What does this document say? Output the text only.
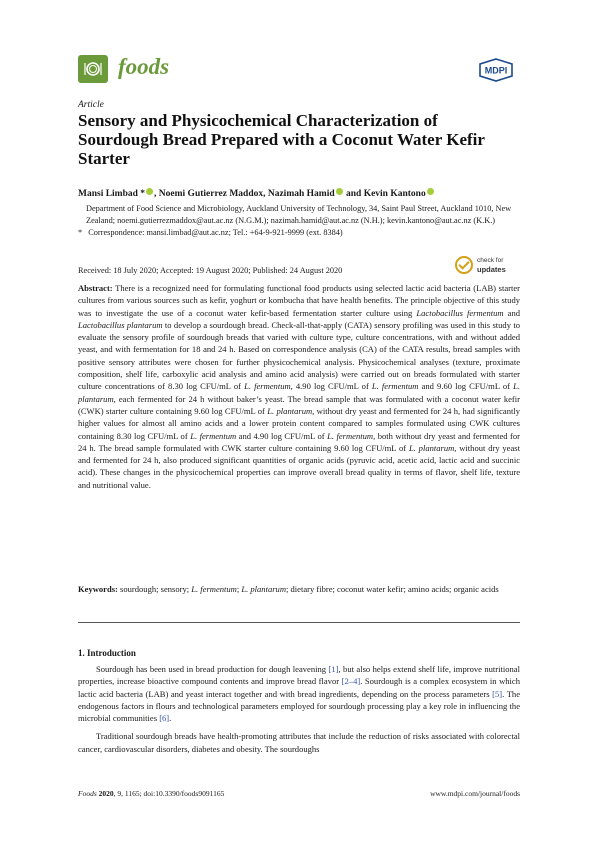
foods	MDPI
Article
Sensory and Physicochemical Characterization of Sourdough Bread Prepared with a Coconut Water Kefir Starter
Mansi Limbad * , Noemi Gutierrez Maddox, Nazimah Hamid and Kevin Kantono
Department of Food Science and Microbiology, Auckland University of Technology, 34, Saint Paul Street, Auckland 1010, New Zealand; noemi.gutierrezmaddox@aut.ac.nz (N.G.M.); nazimah.hamid@aut.ac.nz (N.H.); kevin.kantono@aut.ac.nz (K.K.)
* Correspondence: mansi.limbad@aut.ac.nz; Tel.: +64-9-921-9999 (ext. 8384)
Received: 18 July 2020; Accepted: 19 August 2020; Published: 24 August 2020
check for
updates
Abstract: There is a recognized need for formulating functional food products using selected lactic acid bacteria (LAB) starter cultures from various sources such as kefir, yoghurt or kombucha that have health benefits. The principle objective of this study was to investigate the use of a coconut water kefir-based fermentation starter culture using Lactobacillus fermentum and Lactobacillus plantarum to develop a sourdough bread. Check-all-that-apply (CATA) sensory profiling was used in this study to evaluate the sensory profile of sourdough breads that varied with culture type, culture concentrations, with and without added yeast, and with fermentation for 18 and 24 h. Based on correspondence analysis (CA) of the CATA results, bread samples with positive sensory attributes were chosen for further physicochemical analysis. Physicochemical analyses (texture, proximate composition, shelf life, carboxylic acid analysis and amino acid analysis) were carried out on breads formulated with starter culture concentrations of 8.30 log CFU/mL of L. fermentum, 4.90 log CFU/mL of L. fermentum and 9.60 log CFU/mL of L. plantarum, each fermented for 24 h without baker’s yeast. The bread sample that was formulated with a coconut water kefir (CWK) starter culture containing 9.60 log CFU/mL of L. plantarum, without dry yeast and fermented for 24 h, had significantly higher values for almost all amino acids and a lower protein content compared to samples formulated using CWK cultures containing 8.30 log CFU/mL of L. fermentum and 4.90 log CFU/mL of L. fermentum, both without dry yeast and fermented for 24 h. The bread sample formulated with CWK starter culture containing 9.60 log CFU/mL of L. plantarum, without dry yeast and fermented for 24 h, also produced significant quantities of organic acids (pyruvic acid, acetic acid, lactic acid and succinic acid). These changes in the physicochemical properties can improve overall bread quality in terms of flavor, shelf life, texture and nutritional value.
Keywords: sourdough; sensory; L. fermentum; L. plantarum; dietary fibre; coconut water kefir; amino acids; organic acids
1. Introduction

Sourdough has been used in bread production for dough leavening [1], but also helps extend shelf life, improve nutritional properties, increase bioactive compound contents and improve bread flavor [2–4]. Sourdough is a complex ecosystem in which lactic acid bacteria (LAB) and yeast interact together and with bread ingredients, depending on the process parameters [5]. The endogenous factors in flours and technological parameters employed for sourdough processing play a key role in influencing the microbial communities [6].

Traditional sourdough breads have health-promoting attributes that include the reduction of risks associated with colorectal cancer, cardiovascular disorders, diabetes and obesity. The sourdoughs

Foods 2020, 9, 1165; doi:10.3390/foods9091165	www.mdpi.com/journal/foods
